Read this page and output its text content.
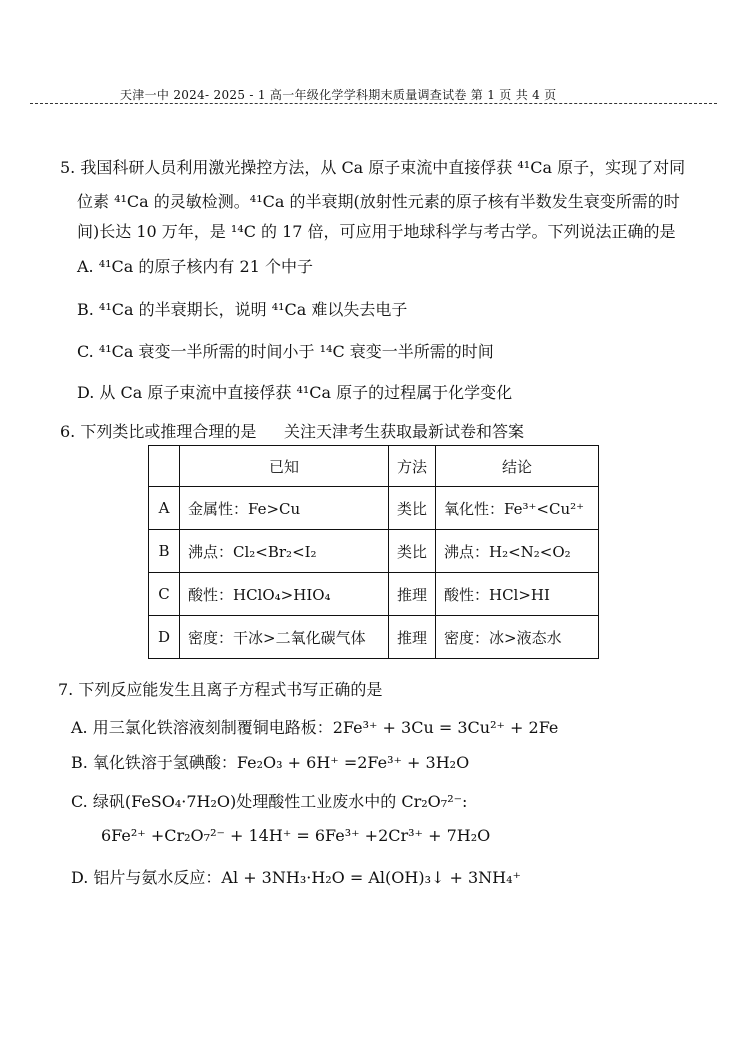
天津一中 2024- 2025 - 1 高一年级化学学科期末质量调查试卷 第 1 页 共 4 页
5. 我国科研人员利用激光操控方法，从 Ca 原子束流中直接俘获 ⁴¹Ca 原子，实现了对同
位素 ⁴¹Ca 的灵敏检测。⁴¹Ca 的半衰期(放射性元素的原子核有半数发生衰变所需的时
间)长达 10 万年，是 ¹⁴C 的 17 倍，可应用于地球科学与考古学。下列说法正确的是
A. ⁴¹Ca 的原子核内有 21 个中子
B. ⁴¹Ca 的半衰期长，说明 ⁴¹Ca 难以失去电子
C. ⁴¹Ca 衰变一半所需的时间小于 ¹⁴C 衰变一半所需的时间
D. 从 Ca 原子束流中直接俘获 ⁴¹Ca 原子的过程属于化学变化
6. 下列类比或推理合理的是 关注天津考生获取最新试卷和答案
	已知	方法	结论
A	金属性：Fe>Cu	类比	氧化性：Fe³⁺<Cu²⁺
B	沸点：Cl₂<Br₂<I₂	类比	沸点：H₂<N₂<O₂
C	酸性：HClO₄>HIO₄	推理	酸性：HCl>HI
D	密度：干冰>二氧化碳气体	推理	密度：冰>液态水
7. 下列反应能发生且离子方程式书写正确的是
A. 用三氯化铁溶液刻制覆铜电路板：2Fe³⁺ + 3Cu = 3Cu²⁺ + 2Fe
B. 氧化铁溶于氢碘酸：Fe₂O₃ + 6H⁺ =2Fe³⁺ + 3H₂O
C. 绿矾(FeSO₄·7H₂O)处理酸性工业废水中的 Cr₂O₇²⁻:
6Fe²⁺ +Cr₂O₇²⁻ + 14H⁺ = 6Fe³⁺ +2Cr³⁺ + 7H₂O
D. 铝片与氨水反应：Al + 3NH₃·H₂O = Al(OH)₃↓ + 3NH₄⁺
